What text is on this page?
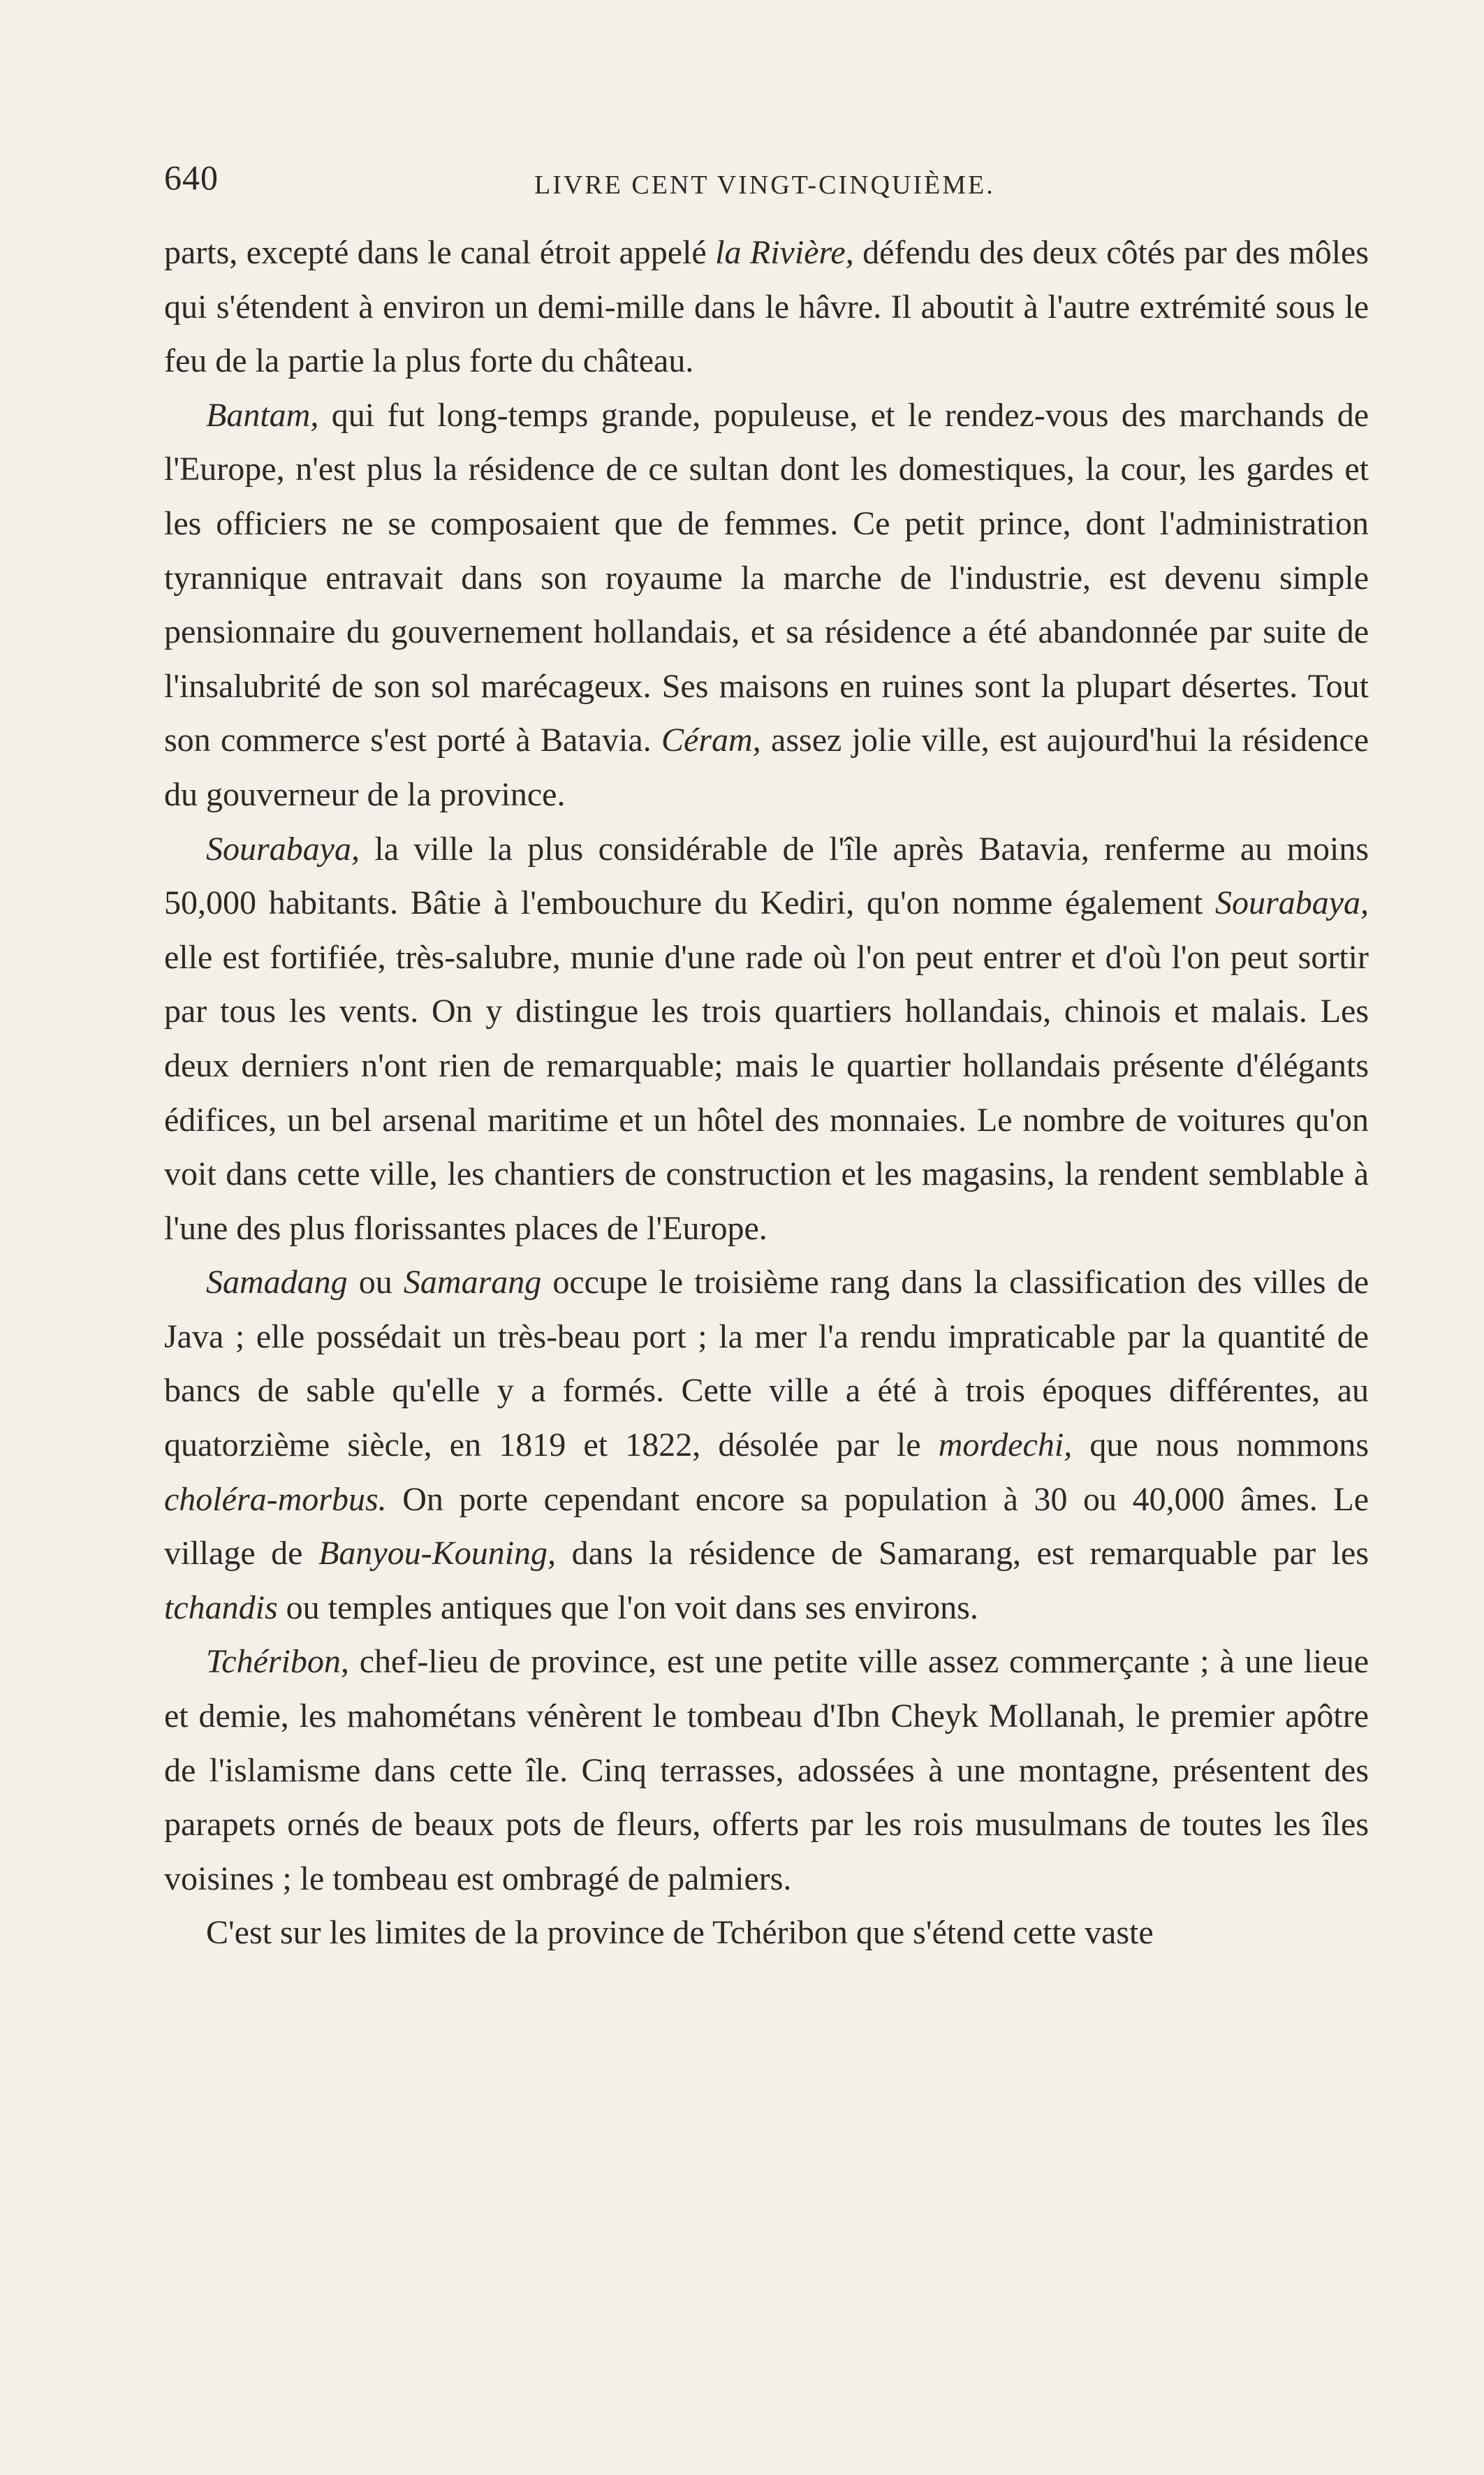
640	LIVRE CENT VINGT-CINQUIÈME.

parts, excepté dans le canal étroit appelé la Rivière, défendu des deux côtés par des môles qui s'étendent à environ un demi-mille dans le hâvre. Il aboutit à l'autre extrémité sous le feu de la partie la plus forte du château.

Bantam, qui fut long-temps grande, populeuse, et le rendez-vous des marchands de l'Europe, n'est plus la résidence de ce sultan dont les domestiques, la cour, les gardes et les officiers ne se composaient que de femmes. Ce petit prince, dont l'administration tyrannique entravait dans son royaume la marche de l'industrie, est devenu simple pensionnaire du gouvernement hollandais, et sa résidence a été abandonnée par suite de l'insalubrité de son sol marécageux. Ses maisons en ruines sont la plupart désertes. Tout son commerce s'est porté à Batavia. Céram, assez jolie ville, est aujourd'hui la résidence du gouverneur de la province.

Sourabaya, la ville la plus considérable de l'île après Batavia, renferme au moins 50,000 habitants. Bâtie à l'embouchure du Kediri, qu'on nomme également Sourabaya, elle est fortifiée, très-salubre, munie d'une rade où l'on peut entrer et d'où l'on peut sortir par tous les vents. On y distingue les trois quartiers hollandais, chinois et malais. Les deux derniers n'ont rien de remarquable; mais le quartier hollandais présente d'élégants édifices, un bel arsenal maritime et un hôtel des monnaies. Le nombre de voitures qu'on voit dans cette ville, les chantiers de construction et les magasins, la rendent semblable à l'une des plus florissantes places de l'Europe.

Samadang ou Samarang occupe le troisième rang dans la classification des villes de Java ; elle possédait un très-beau port ; la mer l'a rendu impraticable par la quantité de bancs de sable qu'elle y a formés. Cette ville a été à trois époques différentes, au quatorzième siècle, en 1819 et 1822, désolée par le mordechi, que nous nommons choléra-morbus. On porte cependant encore sa population à 30 ou 40,000 âmes. Le village de Banyou-Kouning, dans la résidence de Samarang, est remarquable par les tchandis ou temples antiques que l'on voit dans ses environs.

Tchéribon, chef-lieu de province, est une petite ville assez commerçante ; à une lieue et demie, les mahométans vénèrent le tombeau d'Ibn Cheyk Mollanah, le premier apôtre de l'islamisme dans cette île. Cinq terrasses, adossées à une montagne, présentent des parapets ornés de beaux pots de fleurs, offerts par les rois musulmans de toutes les îles voisines ; le tombeau est ombragé de palmiers.

C'est sur les limites de la province de Tchéribon que s'étend cette vaste
